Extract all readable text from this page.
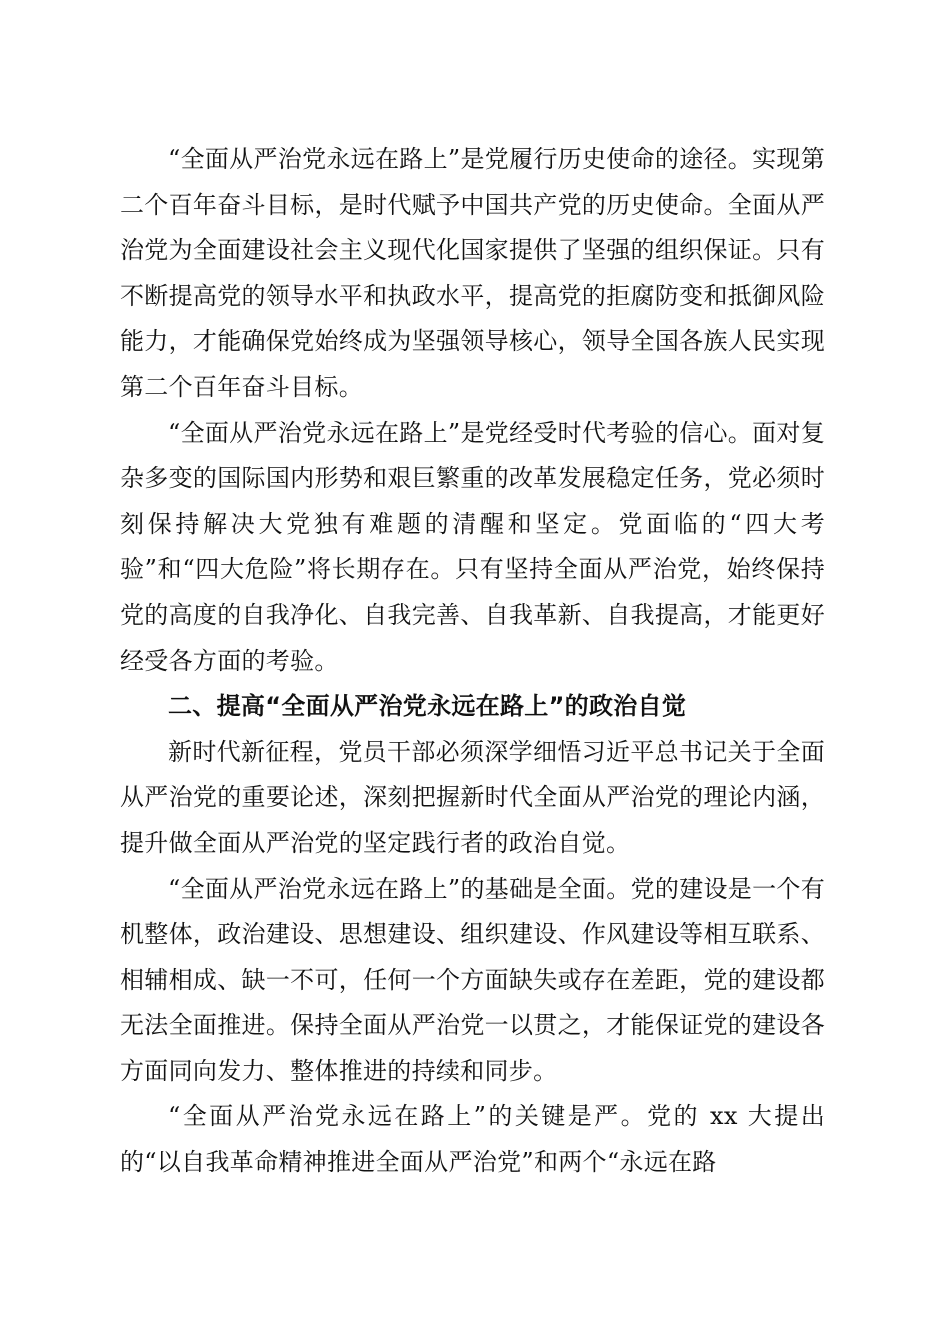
“全面从严治党永远在路上”是党履行历史使命的途径。实现第二个百年奋斗目标，是时代赋予中国共产党的历史使命。全面从严治党为全面建设社会主义现代化国家提供了坚强的组织保证。只有不断提高党的领导水平和执政水平，提高党的拒腐防变和抵御风险能力，才能确保党始终成为坚强领导核心，领导全国各族人民实现第二个百年奋斗目标。

“全面从严治党永远在路上”是党经受时代考验的信心。面对复杂多变的国际国内形势和艰巨繁重的改革发展稳定任务，党必须时刻保持解决大党独有难题的清醒和坚定。党面临的“四大考验”和“四大危险”将长期存在。只有坚持全面从严治党，始终保持党的高度的自我净化、自我完善、自我革新、自我提高，才能更好经受各方面的考验。

二、提高“全面从严治党永远在路上”的政治自觉

新时代新征程，党员干部必须深学细悟习近平总书记关于全面从严治党的重要论述，深刻把握新时代全面从严治党的理论内涵，提升做全面从严治党的坚定践行者的政治自觉。

“全面从严治党永远在路上”的基础是全面。党的建设是一个有机整体，政治建设、思想建设、组织建设、作风建设等相互联系、相辅相成、缺一不可，任何一个方面缺失或存在差距，党的建设都无法全面推进。保持全面从严治党一以贯之，才能保证党的建设各方面同向发力、整体推进的持续和同步。

“全面从严治党永远在路上”的关键是严。党的 xx 大提出的“以自我革命精神推进全面从严治党”和两个“永远在路
